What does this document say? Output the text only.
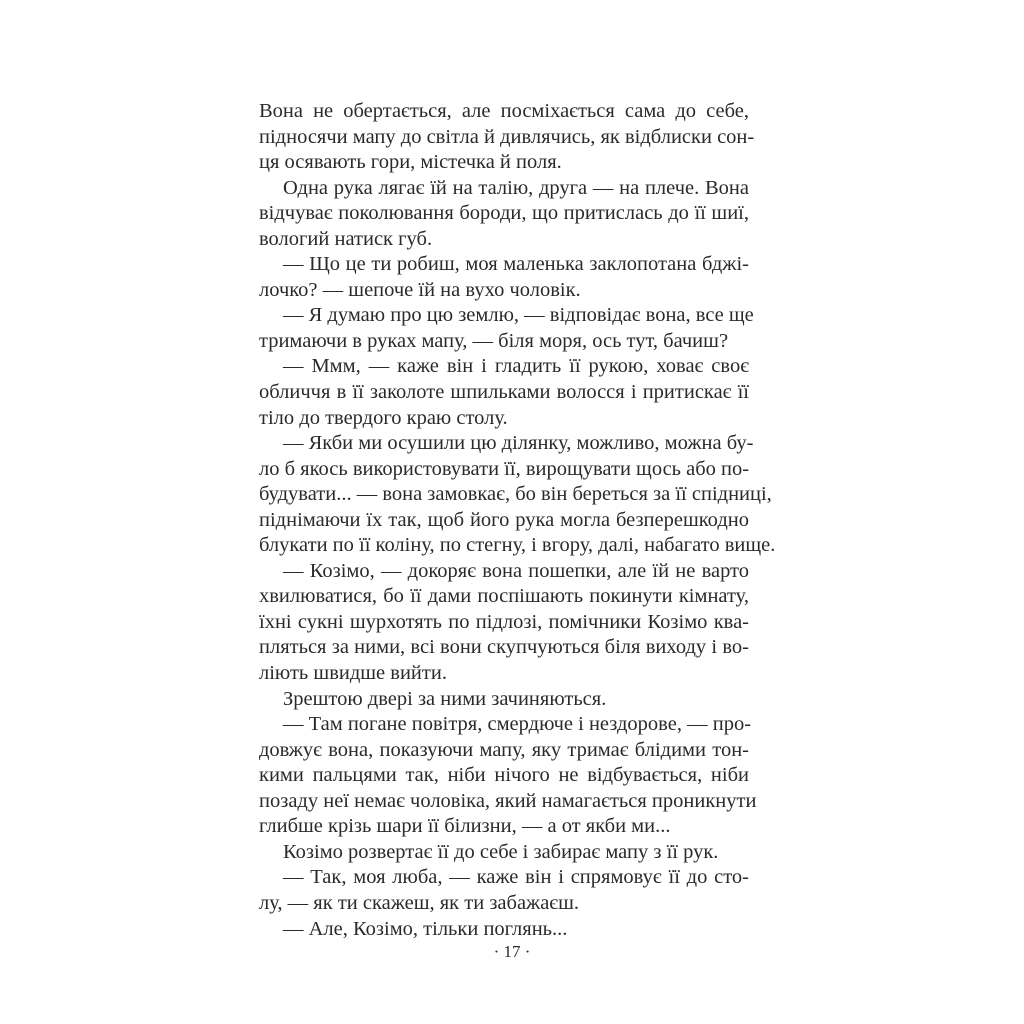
Вона не обертається, але посміхається сама до себе,
підносячи мапу до світла й дивлячись, як відблиски сон-
ця осявають гори, містечка й поля.
Одна рука лягає їй на талію, друга — на плече. Вона
відчуває поколювання бороди, що притислась до її шиї,
вологий натиск губ.
— Що це ти робиш, моя маленька заклопотана бджі-
лочко? — шепоче їй на вухо чоловік.
— Я думаю про цю землю, — відповідає вона, все ще
тримаючи в руках мапу, — біля моря, ось тут, бачиш?
— Ммм, — каже він і гладить її рукою, ховає своє
обличчя в її заколоте шпильками волосся і притискає її
тіло до твердого краю столу.
— Якби ми осушили цю ділянку, можливо, можна бу-
ло б якось використовувати її, вирощувати щось або по-
будувати... — вона замовкає, бо він береться за її спідниці,
піднімаючи їх так, щоб його рука могла безперешкодно
блукати по її коліну, по стегну, і вгору, далі, набагато вище.
— Козімо, — докоряє вона пошепки, але їй не варто
хвилюватися, бо її дами поспішають покинути кімнату,
їхні сукні шурхотять по підлозі, помічники Козімо ква-
пляться за ними, всі вони скупчуються біля виходу і во-
ліють швидше вийти.
Зрештою двері за ними зачиняються.
— Там погане повітря, смердюче і нездорове, — про-
довжує вона, показуючи мапу, яку тримає блідими тон-
кими пальцями так, ніби нічого не відбувається, ніби
позаду неї немає чоловіка, який намагається проникнути
глибше крізь шари її білизни, — а от якби ми...
Козімо розвертає її до себе і забирає мапу з її рук.
— Так, моя люба, — каже він і спрямовує її до сто-
лу, — як ти скажеш, як ти забажаєш.
— Але, Козімо, тільки поглянь...
· 17 ·
